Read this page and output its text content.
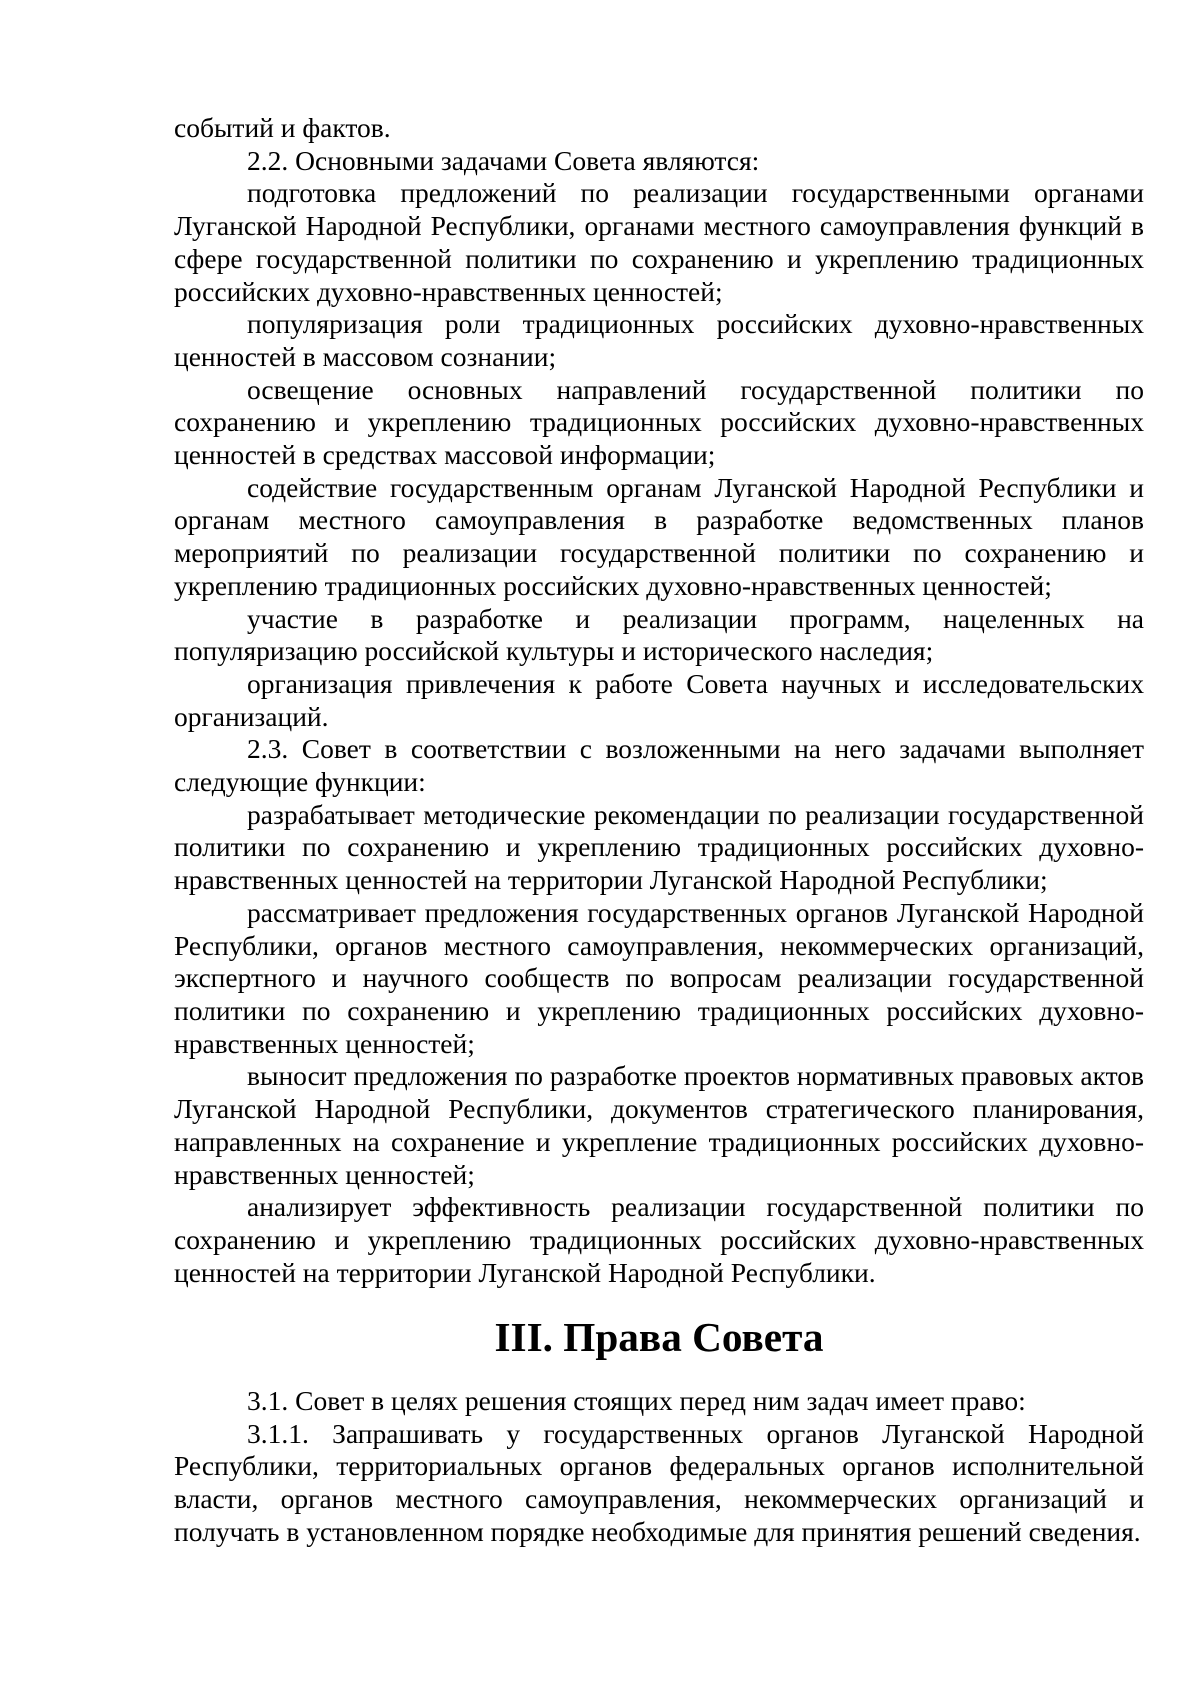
событий и фактов.

2.2. Основными задачами Совета являются:

подготовка предложений по реализации государственными органами Луганской Народной Республики, органами местного самоуправления функций в сфере государственной политики по сохранению и укреплению традиционных российских духовно-нравственных ценностей;

популяризация роли традиционных российских духовно-нравственных ценностей в массовом сознании;

освещение основных направлений государственной политики по сохранению и укреплению традиционных российских духовно-нравственных ценностей в средствах массовой информации;

содействие государственным органам Луганской Народной Республики и органам местного самоуправления в разработке ведомственных планов мероприятий по реализации государственной политики по сохранению и укреплению традиционных российских духовно-нравственных ценностей;

участие в разработке и реализации программ, нацеленных на популяризацию российской культуры и исторического наследия;

организация привлечения к работе Совета научных и исследовательских организаций.

2.3. Совет в соответствии с возложенными на него задачами выполняет следующие функции:

разрабатывает методические рекомендации по реализации государственной политики по сохранению и укреплению традиционных российских духовно-нравственных ценностей на территории Луганской Народной Республики;

рассматривает предложения государственных органов Луганской Народной Республики, органов местного самоуправления, некоммерческих организаций, экспертного и научного сообществ по вопросам реализации государственной политики по сохранению и укреплению традиционных российских духовно-нравственных ценностей;

выносит предложения по разработке проектов нормативных правовых актов Луганской Народной Республики, документов стратегического планирования, направленных на сохранение и укрепление традиционных российских духовно-нравственных ценностей;

анализирует эффективность реализации государственной политики по сохранению и укреплению традиционных российских духовно-нравственных ценностей на территории Луганской Народной Республики.

III. Права Совета

3.1. Совет в целях решения стоящих перед ним задач имеет право:

3.1.1. Запрашивать у государственных органов Луганской Народной Республики, территориальных органов федеральных органов исполнительной власти, органов местного самоуправления, некоммерческих организаций и получать в установленном порядке необходимые для принятия решений сведения.
